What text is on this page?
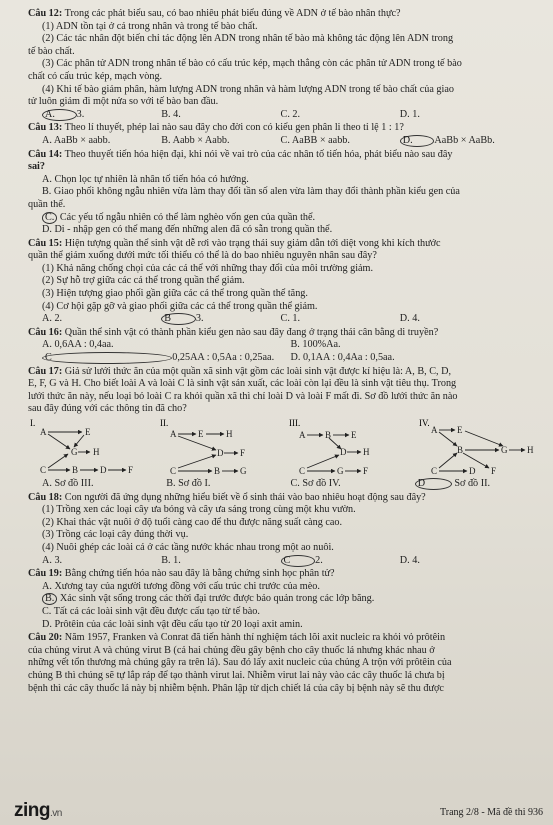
Câu 12: Trong các phát biểu sau, có bao nhiêu phát biểu đúng về ADN ở tế bào nhân thực?
(1) ADN tồn tại ở cả trong nhân và trong tế bào chất.
(2) Các tác nhân đột biến chỉ tác động lên ADN trong nhân tế bào mà không tác động lên ADN trong
tế bào chất.
(3) Các phân tử ADN trong nhân tế bào có cấu trúc kép, mạch thẳng còn các phân tử ADN trong tế bào
chất có cấu trúc kép, mạch vòng.
(4) Khi tế bào giảm phân, hàm lượng ADN trong nhân và hàm lượng ADN trong tế bào chất của giao
tử luôn giảm đi một nửa so với tế bào ban đầu.
A.3.	B. 4.	C. 2.	D. 1.
Câu 13: Theo lí thuyết, phép lai nào sau đây cho đời con có kiểu gen phân li theo tỉ lệ 1 : 1?
A. AaBb × aabb.	B. Aabb × Aabb.	C. AaBB × aabb.	D.AaBb × AaBb.
Câu 14: Theo thuyết tiến hóa hiện đại, khi nói về vai trò của các nhân tố tiến hóa, phát biểu nào sau đây
sai?
A. Chọn lọc tự nhiên là nhân tố tiến hóa có hướng.
B. Giao phối không ngẫu nhiên vừa làm thay đổi tần số alen vừa làm thay đổi thành phần kiểu gen của
quần thể.
C. Các yếu tố ngẫu nhiên có thể làm nghèo vốn gen của quần thể.
D. Di - nhập gen có thể mang đến những alen đã có sẵn trong quần thể.
Câu 15: Hiện tượng quần thể sinh vật dễ rơi vào trạng thái suy giảm dẫn tới diệt vong khi kích thước
quần thể giảm xuống dưới mức tối thiểu có thể là do bao nhiêu nguyên nhân sau đây?
(1) Khả năng chống chọi của các cá thể với những thay đổi của môi trường giảm.
(2) Sự hỗ trợ giữa các cá thể trong quần thể giảm.
(3) Hiện tượng giao phối gần giữa các cá thể trong quần thể tăng.
(4) Cơ hội gặp gỡ và giao phối giữa các cá thể trong quần thể giảm.
A. 2.	B3.	C. 1.	D. 4.
Câu 16: Quần thể sinh vật có thành phần kiểu gen nào sau đây đang ở trạng thái cân bằng di truyền?
A. 0,6AA : 0,4aa.	B. 100%Aa.
C	0,25AA : 0,5Aa : 0,25aa.	D. 0,1AA : 0,4Aa : 0,5aa.
Câu 17: Giả sử lưới thức ăn của một quần xã sinh vật gồm các loài sinh vật được kí hiệu là: A, B, C, D,
E, F, G và H. Cho biết loài A và loài C là sinh vật sản xuất, các loài còn lại đều là sinh vật tiêu thụ. Trong
lưới thức ăn này, nếu loại bỏ loài C ra khỏi quần xã thì chỉ loài D và loài F mất đi. Sơ đồ lưới thức ăn nào
sau đây đúng với các thông tin đã cho?
I.
A	E
G H
C	B D F
II.
A E	H
D F
C	B G
III.
A B E
D H
C	G F
IV.
A E
B	G H
C	D F
A. Sơ đồ III.	B. Sơ đồ I.	C. Sơ đồ IV.	D	Sơ đồ II.
Câu 18: Con người đã ứng dụng những hiểu biết về ổ sinh thái vào bao nhiêu hoạt động sau đây?
(1) Trồng xen các loại cây ưa bóng và cây ưa sáng trong cùng một khu vườn.
(2) Khai thác vật nuôi ở độ tuổi càng cao để thu được năng suất càng cao.
(3) Trồng các loại cây đúng thời vụ.
(4) Nuôi ghép các loài cá ở các tầng nước khác nhau trong một ao nuôi.
A. 3.	B. 1.	C2.	D. 4.
Câu 19: Bằng chứng tiến hóa nào sau đây là bằng chứng sinh học phân tử?
A. Xương tay của người tương đồng với cấu trúc chi trước của mèo.
B. Xác sinh vật sống trong các thời đại trước được bảo quản trong các lớp băng.
C. Tất cả các loài sinh vật đều được cấu tạo từ tế bào.
D. Prôtêin của các loài sinh vật đều cấu tạo từ 20 loại axit amin.
Câu 20: Năm 1957, Franken và Conrat đã tiến hành thí nghiệm tách lõi axit nucleic ra khỏi vỏ prôtêin
của chủng virut A và chủng virut B (cả hai chủng đều gây bệnh cho cây thuốc lá nhưng khác nhau ở
những vết tổn thương mà chúng gây ra trên lá). Sau đó lấy axit nucleic của chủng A trộn với prôtêin của
chủng B thì chúng sẽ tự lắp ráp để tạo thành virut lai. Nhiễm virut lai này vào các cây thuốc lá chưa bị
bệnh thì các cây thuốc lá này bị nhiễm bệnh. Phân lập từ dịch chiết lá của cây bị bệnh này sẽ thu được
zing.vn	Trang 2/8 - Mã đề thi 936
